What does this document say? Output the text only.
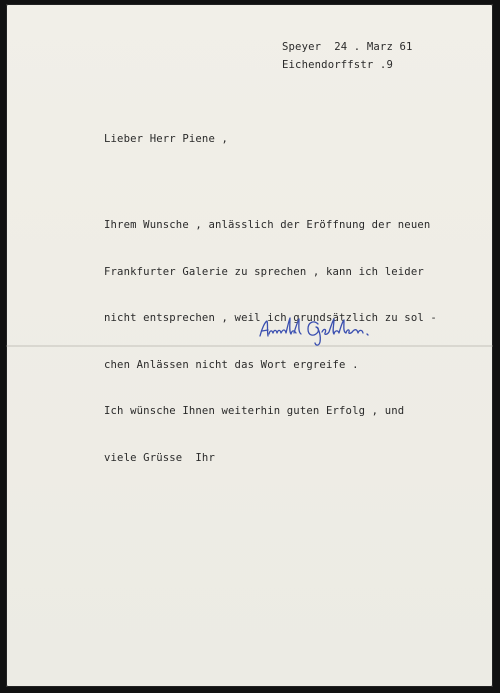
Speyer  24 . Marz 61
Eichendorffstr .9
Lieber Herr Piene ,

Ihrem Wunsche , anlässlich der Eröffnung der neuen

Frankfurter Galerie zu sprechen , kann ich leider

nicht entsprechen , weil ich grundsätzlich zu sol -

chen Anlässen nicht das Wort ergreife .

Ich wünsche Ihnen weiterhin guten Erfolg , und

viele Grüsse  Ihr
